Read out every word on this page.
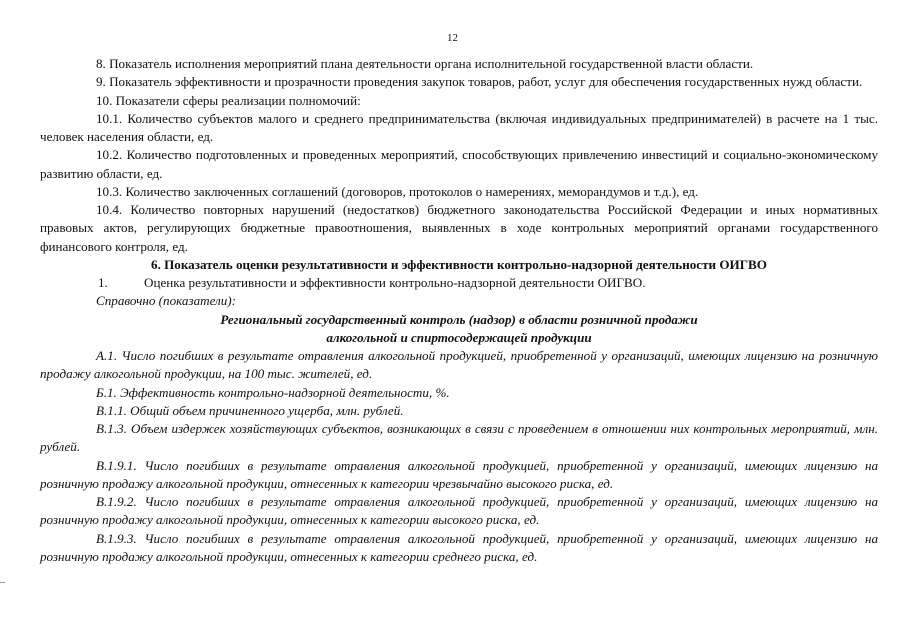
12

8. Показатель исполнения мероприятий плана деятельности органа исполнительной государственной власти области.

9. Показатель эффективности и прозрачности проведения закупок товаров, работ, услуг для обеспечения государственных нужд области.

10. Показатели сферы реализации полномочий:

10.1. Количество субъектов малого и среднего предпринимательства (включая индивидуальных предпринимателей) в расчете на 1 тыс. человек населения области, ед.

10.2. Количество подготовленных и проведенных мероприятий, способствующих привлечению инвестиций и социально-экономическому развитию области, ед.

10.3. Количество заключенных соглашений (договоров, протоколов о намерениях, меморандумов и т.д.), ед.

10.4. Количество повторных нарушений (недостатков) бюджетного законодательства Российской Федерации и иных нормативных правовых актов, регулирующих бюджетные правоотношения, выявленных в ходе контрольных мероприятий органами государственного финансового контроля, ед.

6. Показатель оценки результативности и эффективности контрольно-надзорной деятельности ОИГВО

1.	Оценка результативности и эффективности контрольно-надзорной деятельности ОИГВО.

Справочно (показатели):

Региональный государственный контроль (надзор) в области розничной продажи

алкогольной и спиртосодержащей продукции

А.1. Число погибших в результате отравления алкогольной продукцией, приобретенной у организаций, имеющих лицензию на розничную продажу алкогольной продукции, на 100 тыс. жителей, ед.

Б.1. Эффективность контрольно-надзорной деятельности, %.

В.1.1. Общий объем причиненного ущерба, млн. рублей.

В.1.3. Объем издержек хозяйствующих субъектов, возникающих в связи с проведением в отношении них контрольных мероприятий, млн. рублей.

В.1.9.1. Число погибших в результате отравления алкогольной продукцией, приобретенной у организаций, имеющих лицензию на розничную продажу алкогольной продукции, отнесенных к категории чрезвычайно высокого риска, ед.

В.1.9.2. Число погибших в результате отравления алкогольной продукцией, приобретенной у организаций, имеющих лицензию на розничную продажу алкогольной продукции, отнесенных к категории высокого риска, ед.

В.1.9.3. Число погибших в результате отравления алкогольной продукцией, приобретенной у организаций, имеющих лицензию на розничную продажу алкогольной продукции, отнесенных к категории среднего риска, ед.
